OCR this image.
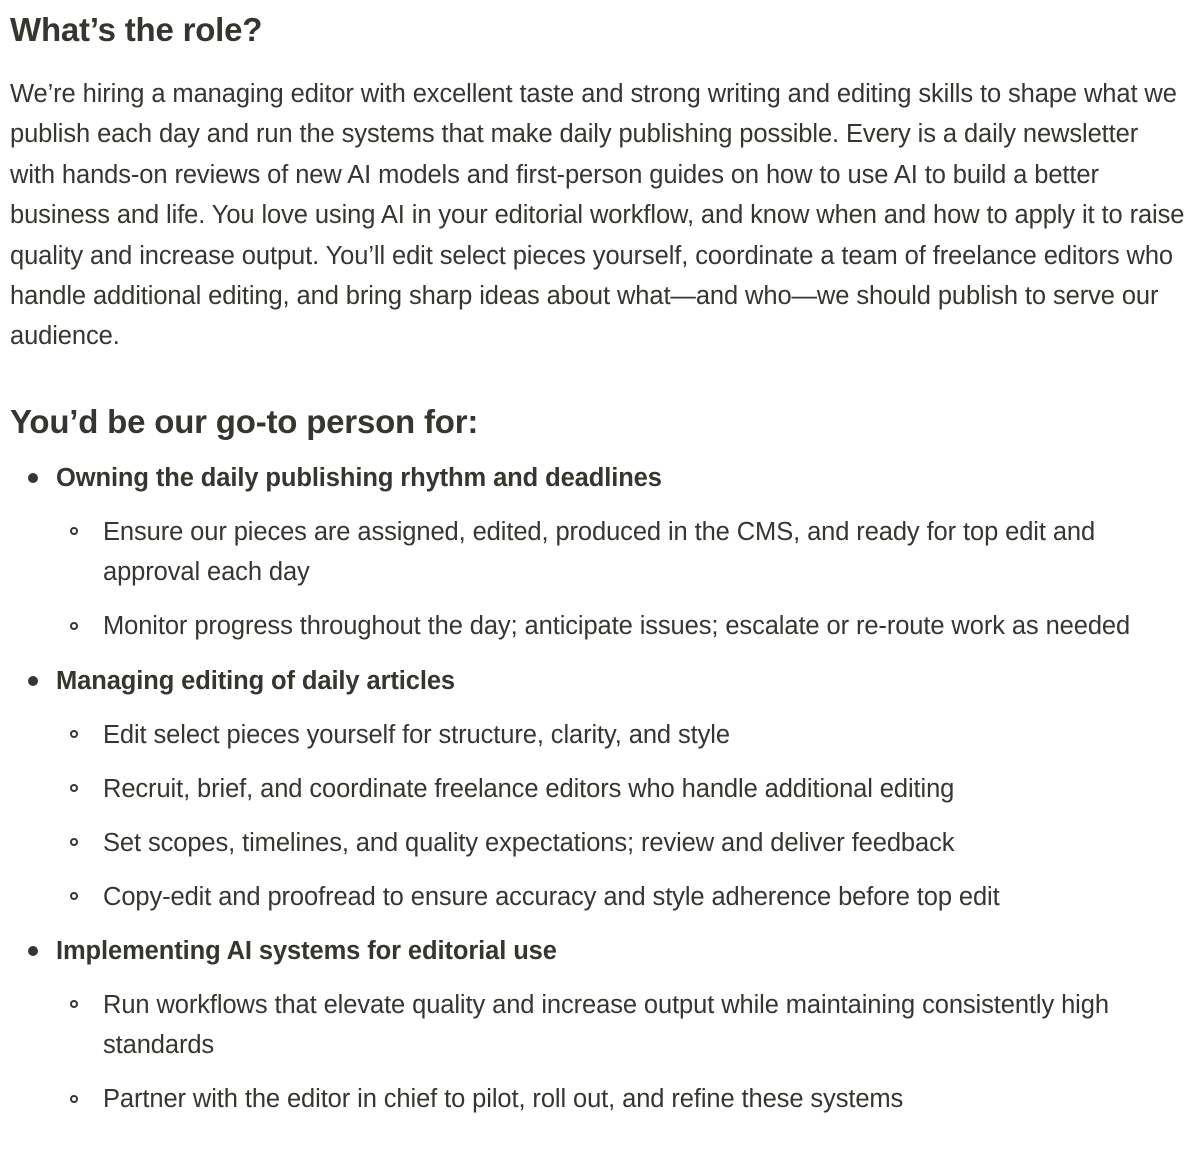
What’s the role?

We’re hiring a managing editor with excellent taste and strong writing and editing skills to shape what we publish each day and run the systems that make daily publishing possible. Every is a daily newsletter with hands-on reviews of new AI models and first-person guides on how to use AI to build a better business and life. You love using AI in your editorial workflow, and know when and how to apply it to raise quality and increase output. You’ll edit select pieces yourself, coordinate a team of freelance editors who handle additional editing, and bring sharp ideas about what—and who—we should publish to serve our audience.

You’d be our go-to person for:
Owning the daily publishing rhythm and deadlines
Ensure our pieces are assigned, edited, produced in the CMS, and ready for top edit and approval each day
Monitor progress throughout the day; anticipate issues; escalate or re-route work as needed
Managing editing of daily articles
Edit select pieces yourself for structure, clarity, and style
Recruit, brief, and coordinate freelance editors who handle additional editing
Set scopes, timelines, and quality expectations; review and deliver feedback
Copy-edit and proofread to ensure accuracy and style adherence before top edit
Implementing AI systems for editorial use
Run workflows that elevate quality and increase output while maintaining consistently high standards
Partner with the editor in chief to pilot, roll out, and refine these systems
